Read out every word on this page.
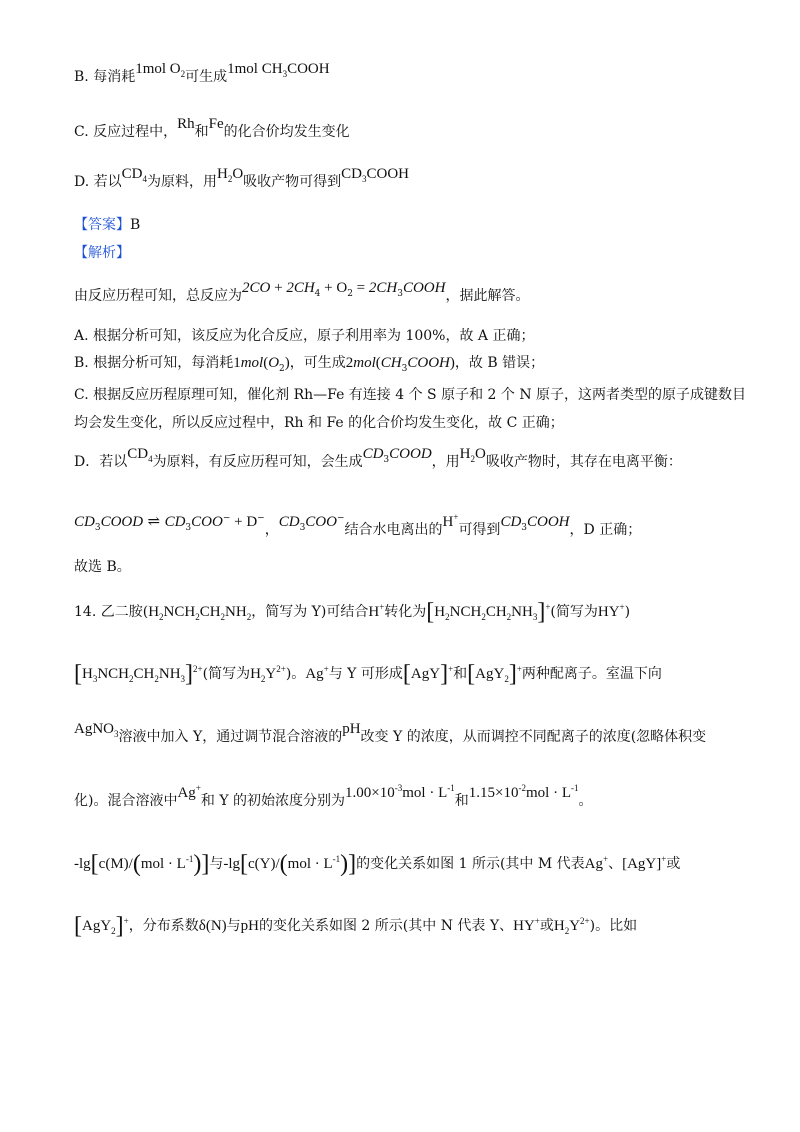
B. 每消耗1mol $O_2$可生成1mol $CH_3COOH$
C. 反应过程中，Rh和Fe的化合价均发生变化
D. 若以$CD_4$为原料，用$H_2O$吸收产物可得到$CD_3COOH$
【答案】B
【解析】
由反应历程可知，总反应为$2CO + 2CH_4 + O_2$ = $2CH_3COOH$，据此解答。
A. 根据分析可知，该反应为化合反应，原子利用率为 100%，故 A 正确；
B. 根据分析可知，每消耗$1mol(O_2)$，可生成$2mol(CH_3COOH)$，故 B 错误；
C. 根据反应历程原理可知，催化剂 Rh—Fe 有连接 4 个 S 原子和 2 个 N 原子，这两者类型的原子成键数目
均会发生变化，所以反应过程中，Rh 和 Fe 的化合价均发生变化，故 C 正确；
D．若以$CD_4$为原料，有反应历程可知，会生成$CD_3COOD$，用$H_2O$吸收产物时，其存在电离平衡：
$CD_3COOD$ ⇌ $CD_3COO^- + D^-$，$CD_3COO^-$结合水电离出的H+可得到$CD_3COOH$，D 正确；
故选 B。
14. 乙二胺($H_2NCH_2CH_2NH_2$，简写为 Y)可结合H+转化为$[H_2NCH_2CH_2NH_3]^+$(简写为HY+)
$[H_3NCH_2CH_2NH_3]^{2+}$(简写为$H_2Y^{2+}$)。Ag+与 Y 可形成[AgY]+和[AgY$_2$]+两种配离子。室温下向
AgNO$_3$溶液中加入 Y，通过调节混合溶液的pH改变 Y 的浓度，从而调控不同配离子的浓度(忽略体积变
化)。混合溶液中Ag+和 Y 的初始浓度分别为$1.00\times 10^{-3}mol \cdot L^{-1}$和$1.15\times 10^{-2}mol \cdot L^{-1}$。
$-\lg[c(M)/(mol \cdot L^{-1})]$与$-\lg[c(Y)/(mol \cdot L^{-1})]$的变化关系如图 1 所示(其中 M 代表Ag+、[AgY]+或
[AgY$_2$]+，分布系数δ(N)与pH的变化关系如图 2 所示(其中 N 代表 Y、HY+或$H_2Y^{2+}$)。比如
